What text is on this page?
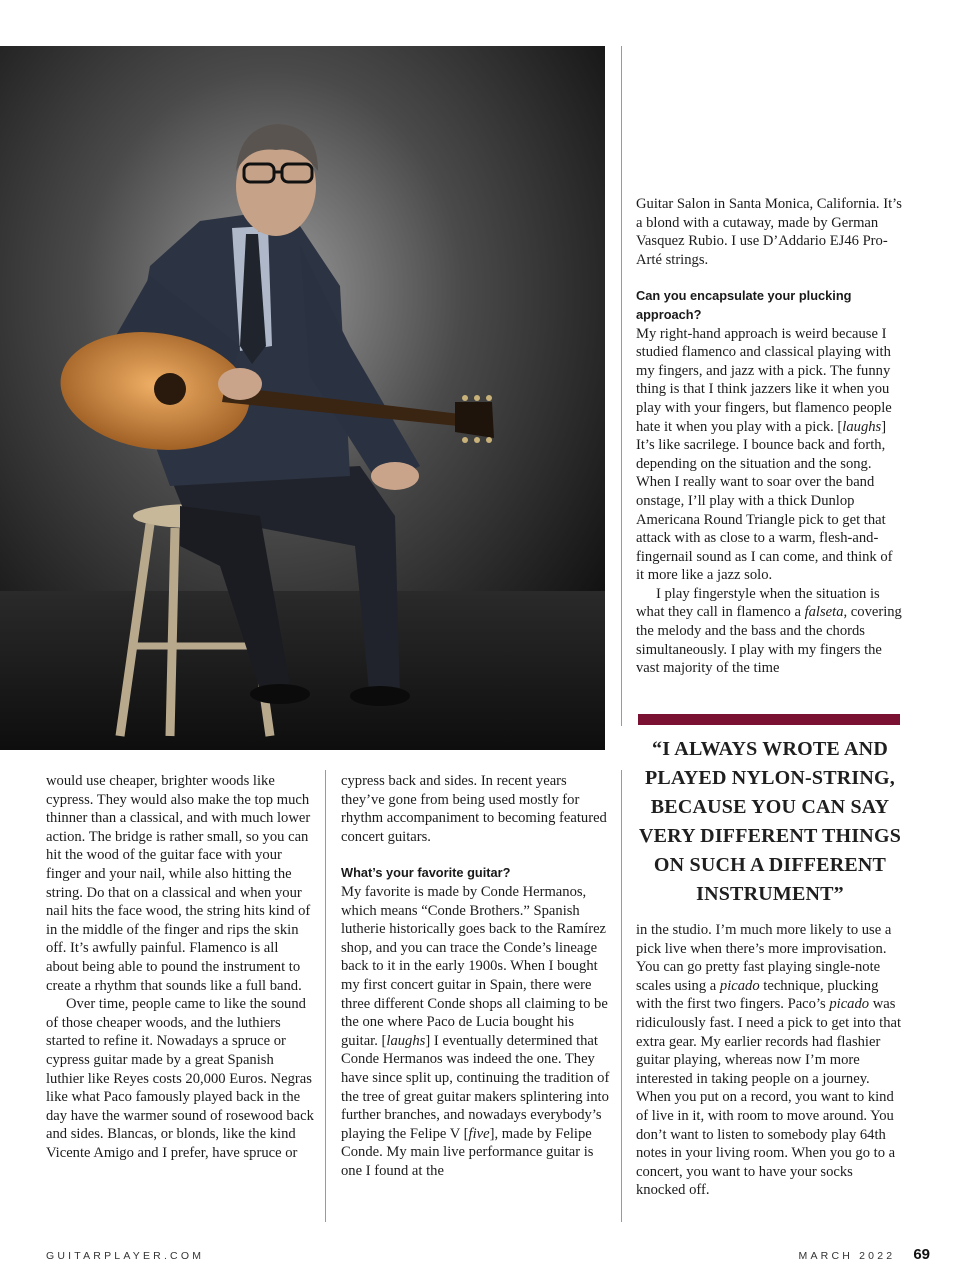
Guitar Salon in Santa Monica, California. It’s a blond with a cutaway, made by German Vasquez Rubio. I use D’Addario EJ46 Pro-Arté strings.

Can you encapsulate your plucking approach?

My right-hand approach is weird because I studied flamenco and classical playing with my fingers, and jazz with a pick. The funny thing is that I think jazzers like it when you play with your fingers, but flamenco people hate it when you play with a pick. [laughs] It’s like sacrilege. I bounce back and forth, depending on the situation and the song. When I really want to soar over the band onstage, I’ll play with a thick Dunlop Americana Round Triangle pick to get that attack with as close to a warm, flesh-and-fingernail sound as I can come, and think of it more like a jazz solo.

I play fingerstyle when the situation is what they call in flamenco a falseta, covering the melody and the bass and the chords simultaneously. I play with my fingers the vast majority of the time

“I ALWAYS WROTE AND PLAYED NYLON-STRING, BECAUSE YOU CAN SAY VERY DIFFERENT THINGS ON SUCH A DIFFERENT INSTRUMENT”

would use cheaper, brighter woods like cypress. They would also make the top much thinner than a classical, and with much lower action. The bridge is rather small, so you can hit the wood of the guitar face with your finger and your nail, while also hitting the string. Do that on a classical and when your nail hits the face wood, the string hits kind of in the middle of the finger and rips the skin off. It’s awfully painful. Flamenco is all about being able to pound the instrument to create a rhythm that sounds like a full band.

Over time, people came to like the sound of those cheaper woods, and the luthiers started to refine it. Nowadays a spruce or cypress guitar made by a great Spanish luthier like Reyes costs 20,000 Euros. Negras like what Paco famously played back in the day have the warmer sound of rosewood back and sides. Blancas, or blonds, like the kind Vicente Amigo and I prefer, have spruce or

cypress back and sides. In recent years they’ve gone from being used mostly for rhythm accompaniment to becoming featured concert guitars.

What’s your favorite guitar?

My favorite is made by Conde Hermanos, which means “Conde Brothers.” Spanish lutherie historically goes back to the Ramírez shop, and you can trace the Conde’s lineage back to it in the early 1900s. When I bought my first concert guitar in Spain, there were three different Conde shops all claiming to be the one where Paco de Lucia bought his guitar. [laughs] I eventually determined that Conde Hermanos was indeed the one. They have since split up, continuing the tradition of the tree of great guitar makers splintering into further branches, and nowadays everybody’s playing the Felipe V [five], made by Felipe Conde. My main live performance guitar is one I found at the

in the studio. I’m much more likely to use a pick live when there’s more improvisation. You can go pretty fast playing single-note scales using a picado technique, plucking with the first two fingers. Paco’s picado was ridiculously fast. I need a pick to get into that extra gear. My earlier records had flashier guitar playing, whereas now I’m more interested in taking people on a journey. When you put on a record, you want to kind of live in it, with room to move around. You don’t want to listen to somebody play 64th notes in your living room. When you go to a concert, you want to have your socks knocked off.

GUITARPLAYER.COM	MARCH 2022 69
